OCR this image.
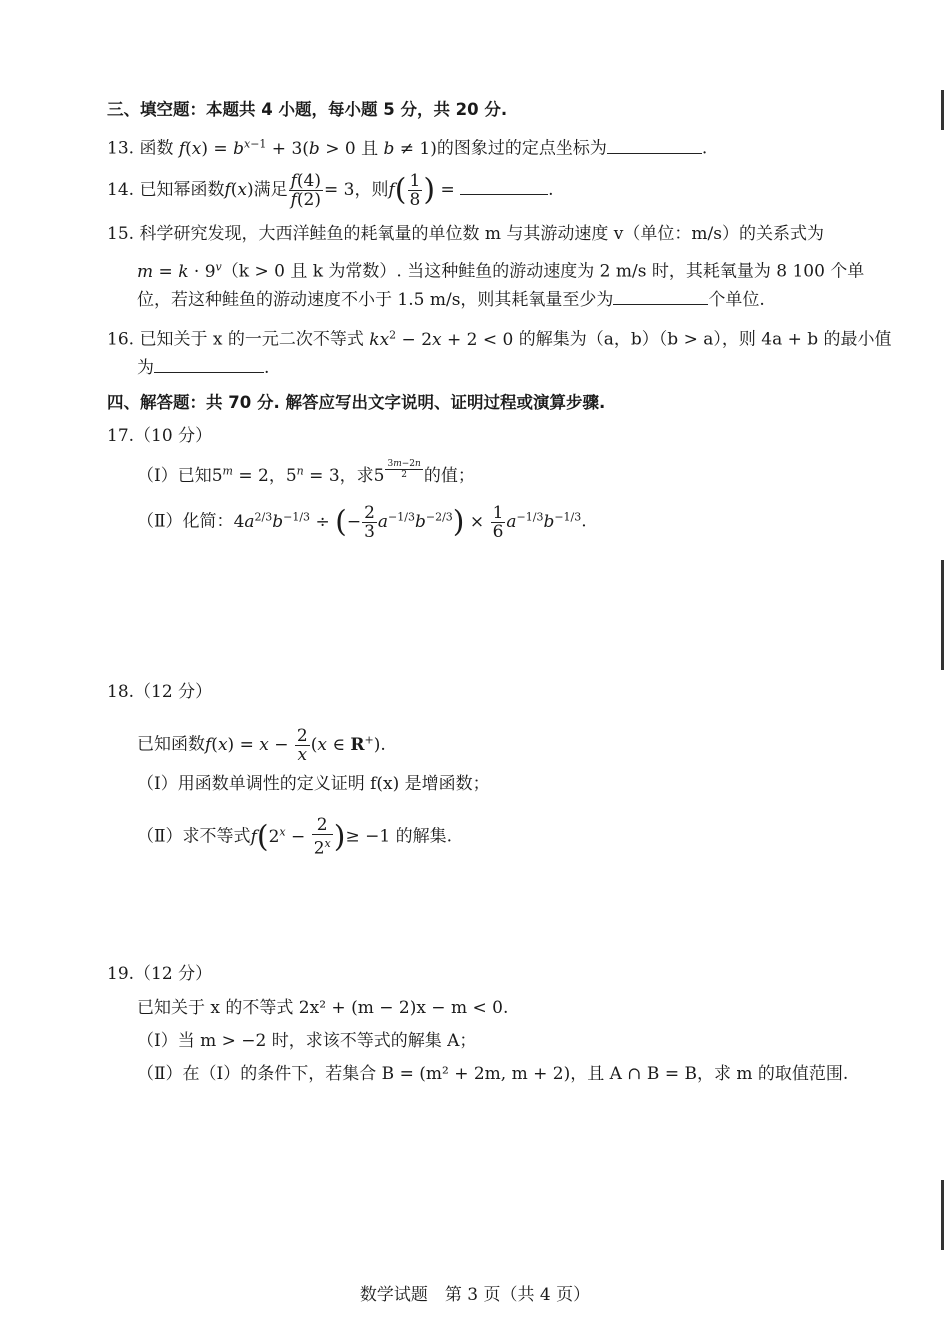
三、填空题：本题共 4 小题，每小题 5 分，共 20 分.
13. 函数 $f(x) = b^{x-1} + 3(b > 0$ 且 b ≠ 1)的图象过的定点坐标为	.
14. 已知幂函数f(x)满足 $\frac{f(4)}{f(2)} = 3$，则$f( \frac{1}{8}$ ) =	.
15. 科学研究发现，大西洋鲑鱼的耗氧量的单位数 m 与其游动速度 v（单位：m/s）的关系式为
$m = k \cdot 9^v(k > 0$ 且 k 为常数）. 当这种鲑鱼的游动速度为 2 m/s 时，其耗氧量为 8 100 个单
位，若这种鲑鱼的游动速度不小于 1.5 m/s，则其耗氧量至少为	个单位.
16. 已知关于 x 的一元二次不等式 $kx^2 - 2x + 2 < 0$ 的解集为（a，b）（b > a），则 4a + b 的最小值
为	.
四、解答题：共 70 分. 解答应写出文字说明、证明过程或演算步骤.
17.（10 分）
（Ⅰ）已知$5^m = 2$，$5^n = 3$，求5 $^{\frac{3m-2n}{2}}$ 的值；
（Ⅱ）化简：$4a^{2/3}b^{-1/3}$ ÷ (− $\frac{2}{3} a^{-1/3}b^{-2/3}) \times \frac{1}{6} a^{-1/3}b^{-1/3}$.
18.（12 分）
已知函数$f(x) = x - \frac{2}{x} (x$ ∈ R+).
（Ⅰ）用函数单调性的定义证明 f(x) 是增函数；
（Ⅱ）求不等式$f(2^x - \frac{2}{2^x}$ )≥ −1 的解集.
19.（12 分）
已知关于 x 的不等式 2x² + (m − 2)x − m < 0.
（Ⅰ）当 m > −2 时，求该不等式的解集 A；
（Ⅱ）在（Ⅰ）的条件下，若集合 B = (m² + 2m, m + 2)，且 A ∩ B = B，求 m 的取值范围.
数学试题　第 3 页（共 4 页）
